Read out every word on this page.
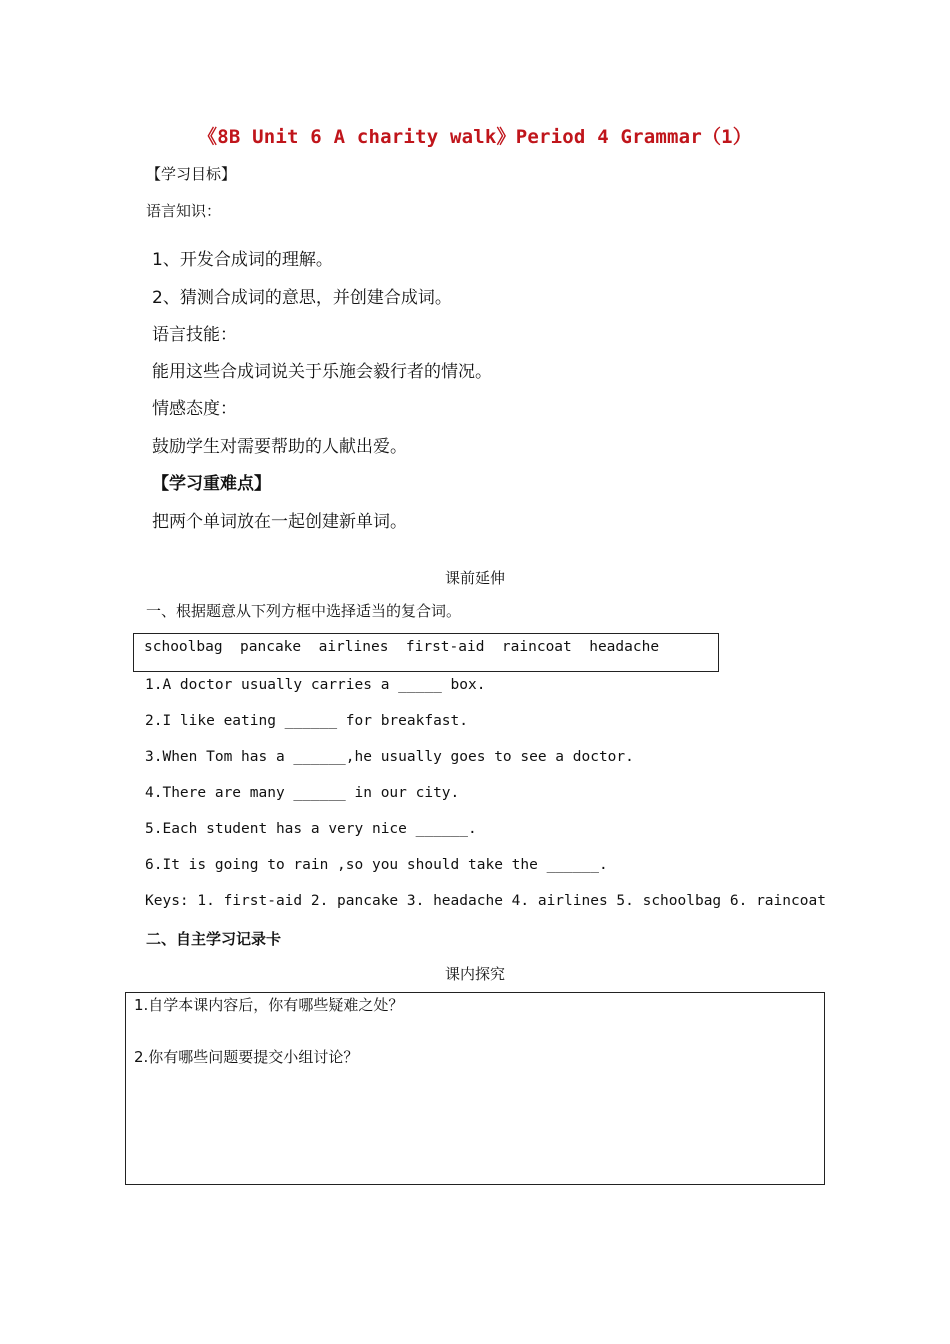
《8B Unit 6 A charity walk》Period 4 Grammar（1）
【学习目标】
语言知识：
1、开发合成词的理解。
2、猜测合成词的意思，并创建合成词。
语言技能：
能用这些合成词说关于乐施会毅行者的情况。
情感态度：
鼓励学生对需要帮助的人献出爱。
【学习重难点】
把两个单词放在一起创建新单词。
课前延伸
一、根据题意从下列方框中选择适当的复合词。
schoolbag  pancake  airlines  first-aid  raincoat  headache
1.A doctor usually carries a _____ box.
2.I like eating ______ for breakfast.
3.When Tom has a ______,he usually goes to see a doctor.
4.There are many ______ in our city.
5.Each student has a very nice ______.
6.It is going to rain ,so you should take the ______.
Keys: 1. first-aid 2. pancake 3. headache 4. airlines 5. schoolbag 6. raincoat
二、自主学习记录卡
课内探究
1.自学本课内容后，你有哪些疑难之处？
2.你有哪些问题要提交小组讨论？
